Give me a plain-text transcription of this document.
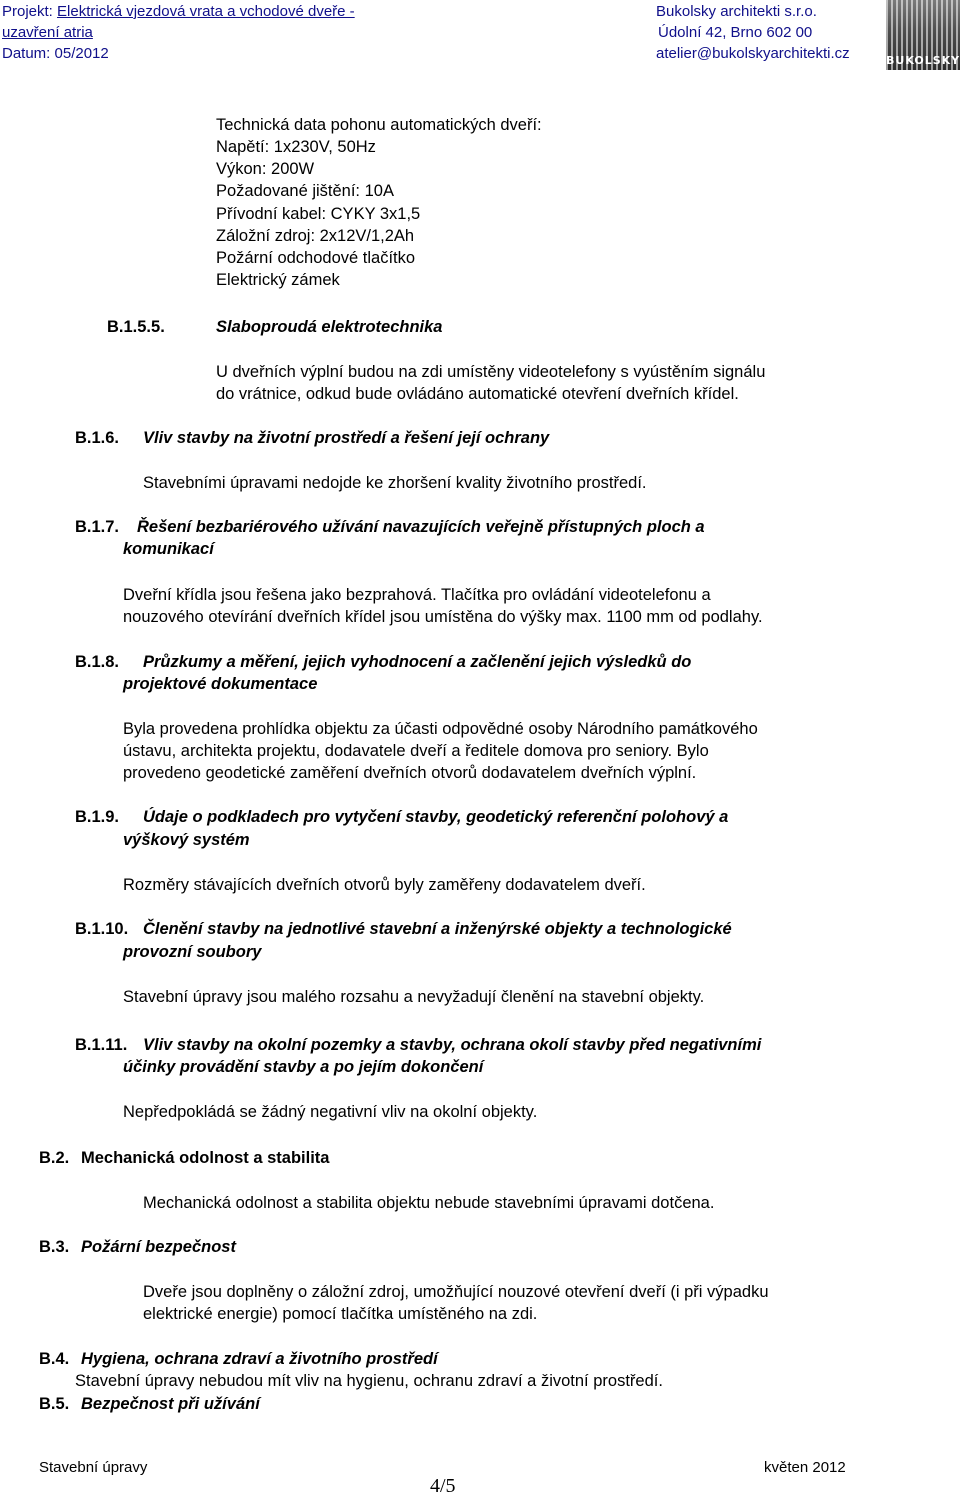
Projekt: Elektrická vjezdová vrata a vchodové dveře -
uzavření atria
Datum: 05/2012
Bukolsky architekti s.r.o.
Údolní 42, Brno 602 00
atelier@bukolskyarchitekti.cz	BUKOLSKY
Technická data pohonu automatických dveří:
Napětí: 1x230V, 50Hz
Výkon: 200W
Požadované jištění: 10A
Přívodní kabel: CYKY 3x1,5
Záložní zdroj: 2x12V/1,2Ah
Požární odchodové tlačítko
Elektrický zámek
B.1.5.5.	Slaboproudá elektrotechnika
U dveřních výplní budou na zdi umístěny videotelefony s vyústěním signálu
do vrátnice, odkud bude ovládáno automatické otevření dveřních křídel.
B.1.6. Vliv stavby na životní prostředí a řešení její ochrany
Stavebními úpravami nedojde ke zhoršení kvality životního prostředí.
B.1.7. Řešení bezbariérového užívání navazujících veřejně přístupných ploch a
komunikací
Dveřní křídla jsou řešena jako bezprahová. Tlačítka pro ovládání videotelefonu a
nouzového otevírání dveřních křídel jsou umístěna do výšky max. 1100 mm od podlahy.
B.1.8. Průzkumy a měření, jejich vyhodnocení a začlenění jejich výsledků do
projektové dokumentace
Byla provedena prohlídka objektu za účasti odpovědné osoby Národního památkového
ústavu, architekta projektu, dodavatele dveří a ředitele domova pro seniory. Bylo
provedeno geodetické zaměření dveřních otvorů dodavatelem dveřních výplní.
B.1.9. Údaje o podkladech pro vytyčení stavby, geodetický referenční polohový a
výškový systém
Rozměry stávajících dveřních otvorů byly zaměřeny dodavatelem dveří.
B.1.10. Členění stavby na jednotlivé stavební a inženýrské objekty a technologické
provozní soubory
Stavební úpravy jsou malého rozsahu a nevyžadují členění na stavební objekty.
B.1.11. Vliv stavby na okolní pozemky a stavby, ochrana okolí stavby před negativními
účinky provádění stavby a po jejím dokončení
Nepředpokládá se žádný negativní vliv na okolní objekty.
B.2. Mechanická odolnost a stabilita
Mechanická odolnost a stabilita objektu nebude stavebními úpravami dotčena.
B.3. Požární bezpečnost
Dveře jsou doplněny o záložní zdroj, umožňující nouzové otevření dveří (i při výpadku
elektrické energie) pomocí tlačítka umístěného na zdi.
B.4. Hygiena, ochrana zdraví a životního prostředí
Stavební úpravy nebudou mít vliv na hygienu, ochranu zdraví a životní prostředí.
B.5. Bezpečnost při užívání
Stavební úpravy	květen 2012
4/5
